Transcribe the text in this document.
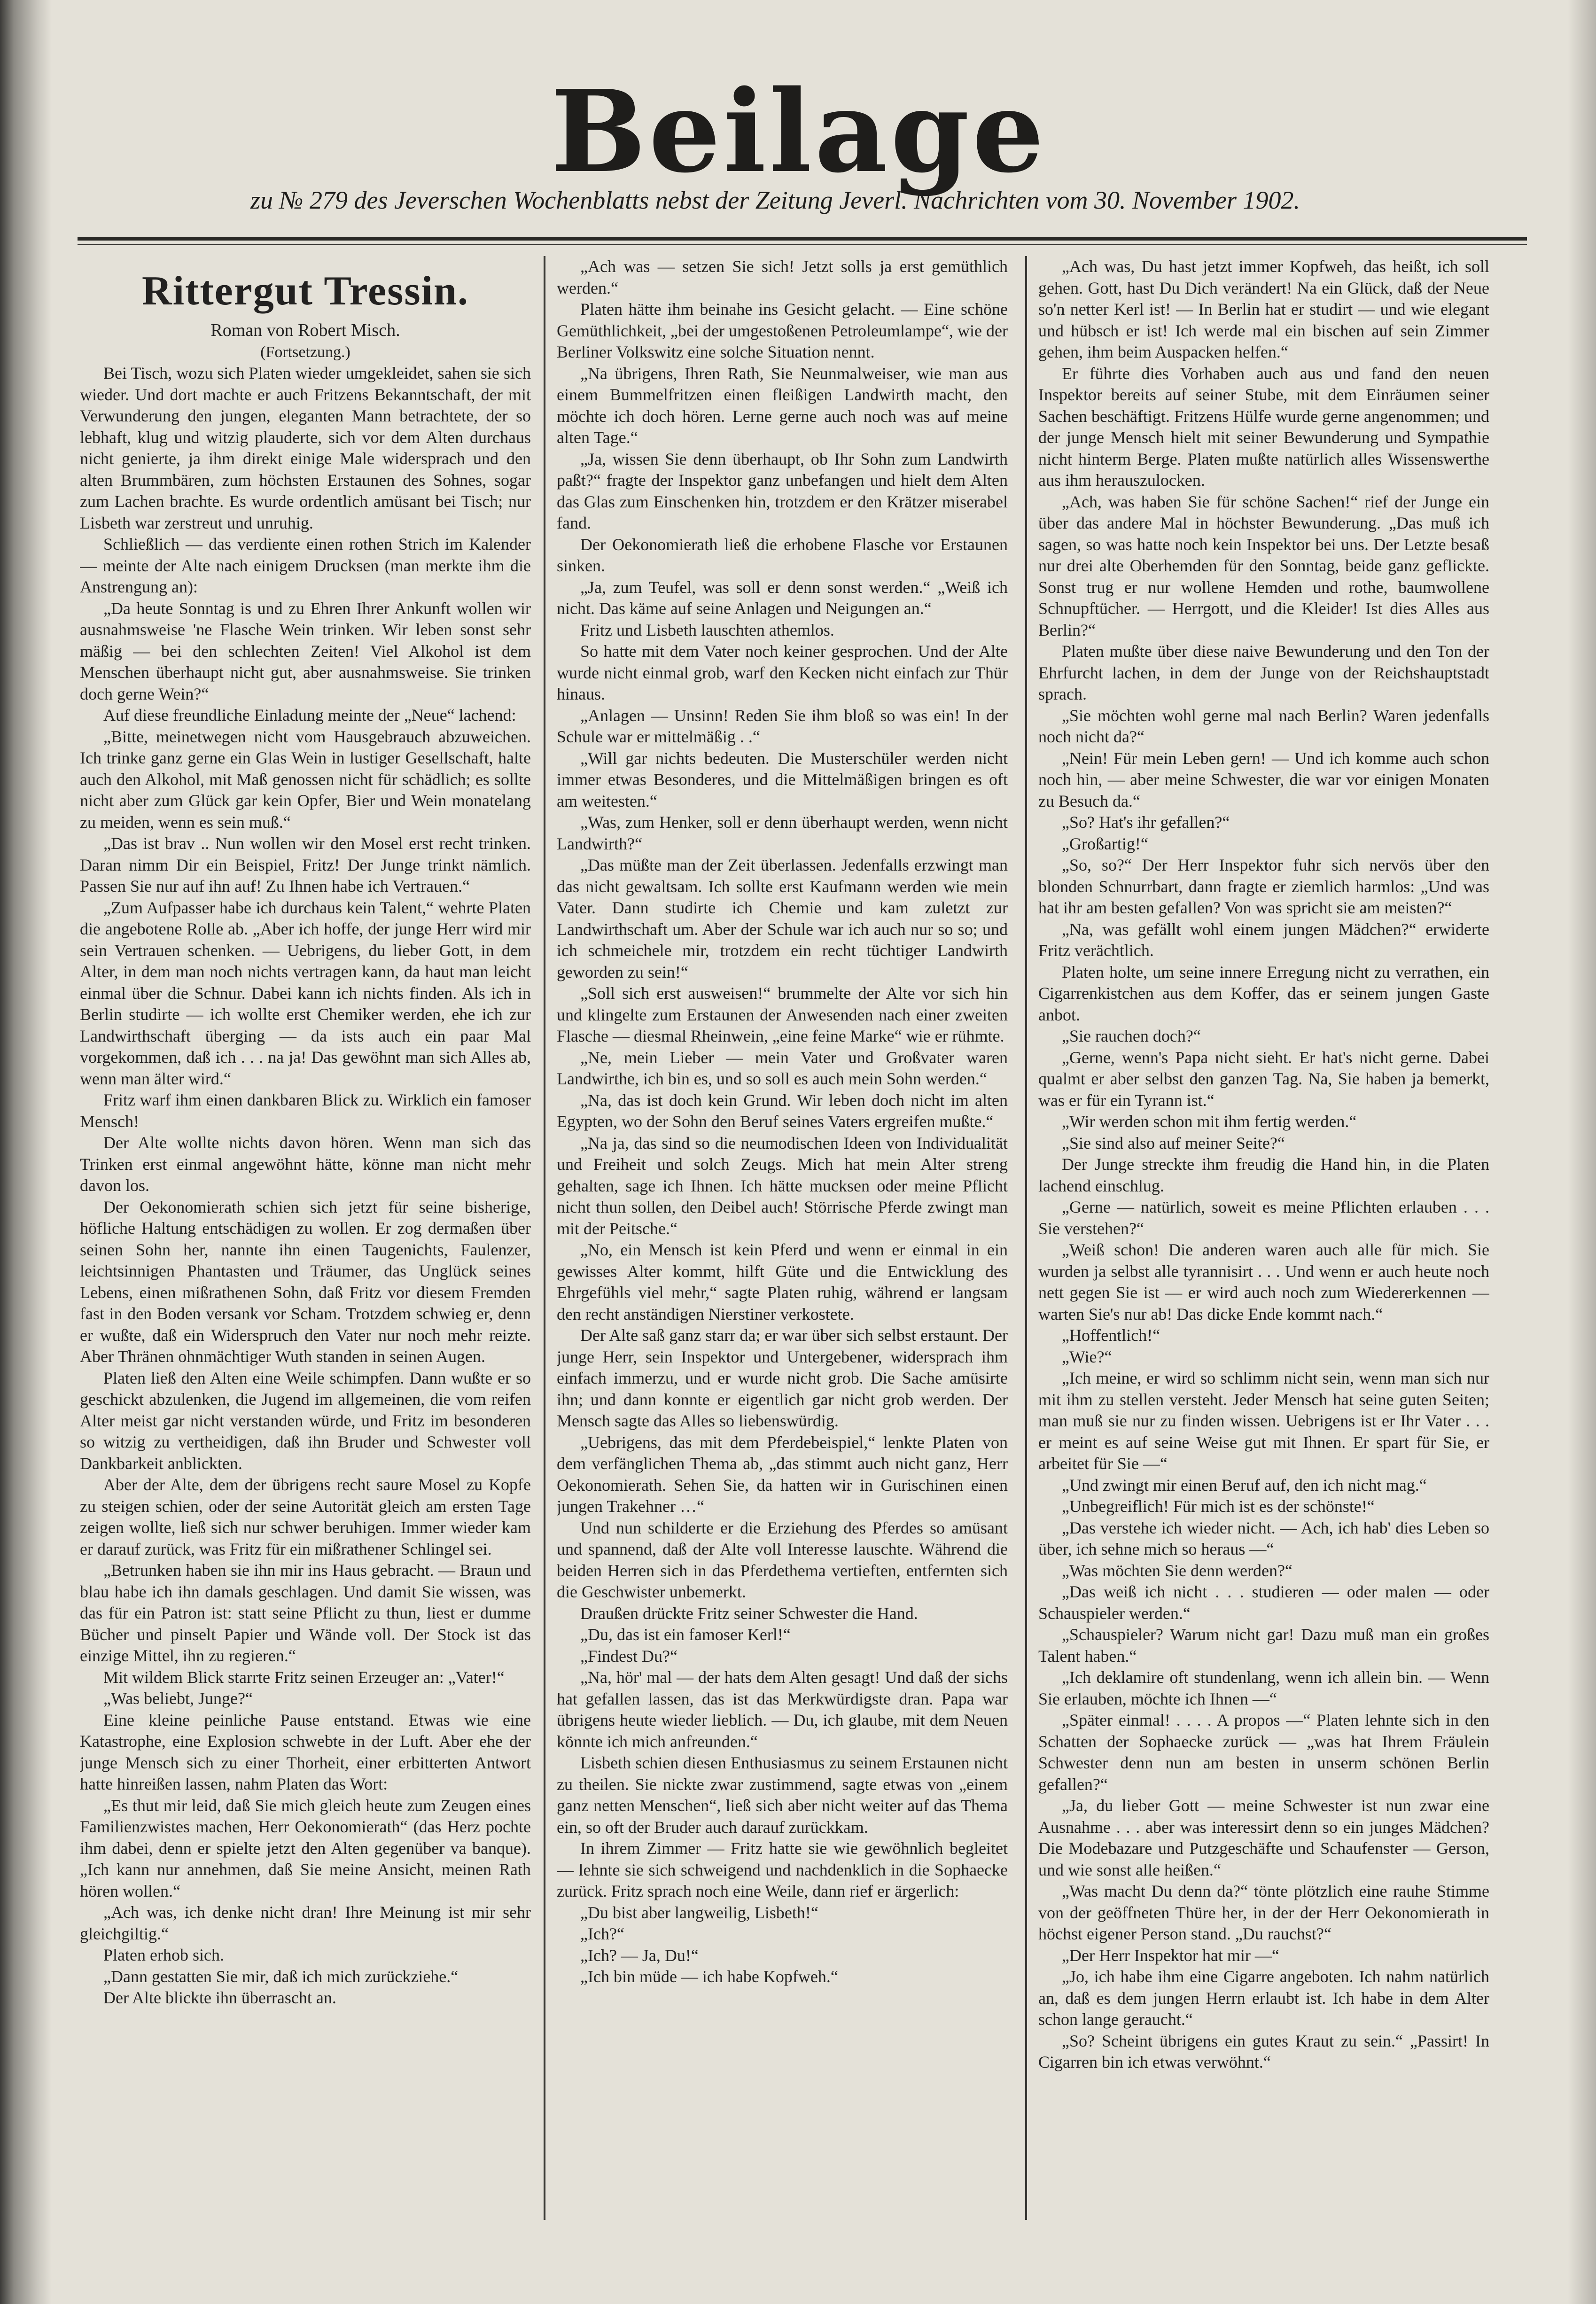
Beilage
zu № 279 des Jeverschen Wochenblatts nebst der Zeitung Jeverl. Nachrichten vom 30. November 1902.
Rittergut Tressin.

Roman von Robert Misch.

(Fortsetzung.)

Bei Tisch, wozu sich Platen wieder umgekleidet, sahen sie sich wieder. Und dort machte er auch Fritzens Bekanntschaft, der mit Verwunderung den jungen, eleganten Mann betrachtete, der so lebhaft, klug und witzig plauderte, sich vor dem Alten durchaus nicht genierte, ja ihm direkt einige Male widersprach und den alten Brummbären, zum höchsten Erstaunen des Sohnes, sogar zum Lachen brachte. Es wurde ordentlich amüsant bei Tisch; nur Lisbeth war zerstreut und unruhig.

Schließlich — das verdiente einen rothen Strich im Kalender — meinte der Alte nach einigem Drucksen (man merkte ihm die Anstrengung an):

„Da heute Sonntag is und zu Ehren Ihrer Ankunft wollen wir ausnahmsweise 'ne Flasche Wein trinken. Wir leben sonst sehr mäßig — bei den schlechten Zeiten! Viel Alkohol ist dem Menschen überhaupt nicht gut, aber ausnahmsweise. Sie trinken doch gerne Wein?“

Auf diese freundliche Einladung meinte der „Neue“ lachend:

„Bitte, meinetwegen nicht vom Hausgebrauch abzuweichen. Ich trinke ganz gerne ein Glas Wein in lustiger Gesellschaft, halte auch den Alkohol, mit Maß genossen nicht für schädlich; es sollte nicht aber zum Glück gar kein Opfer, Bier und Wein monatelang zu meiden, wenn es sein muß.“

„Das ist brav .. Nun wollen wir den Mosel erst recht trinken. Daran nimm Dir ein Beispiel, Fritz! Der Junge trinkt nämlich. Passen Sie nur auf ihn auf! Zu Ihnen habe ich Vertrauen.“

„Zum Aufpasser habe ich durchaus kein Talent,“ wehrte Platen die angebotene Rolle ab. „Aber ich hoffe, der junge Herr wird mir sein Vertrauen schenken. — Uebrigens, du lieber Gott, in dem Alter, in dem man noch nichts vertragen kann, da haut man leicht einmal über die Schnur. Dabei kann ich nichts finden. Als ich in Berlin studirte — ich wollte erst Chemiker werden, ehe ich zur Landwirthschaft überging — da ists auch ein paar Mal vorgekommen, daß ich . . . na ja! Das gewöhnt man sich Alles ab, wenn man älter wird.“

Fritz warf ihm einen dankbaren Blick zu. Wirklich ein famoser Mensch!

Der Alte wollte nichts davon hören. Wenn man sich das Trinken erst einmal angewöhnt hätte, könne man nicht mehr davon los.

Der Oekonomierath schien sich jetzt für seine bisherige, höfliche Haltung entschädigen zu wollen. Er zog dermaßen über seinen Sohn her, nannte ihn einen Taugenichts, Faulenzer, leichtsinnigen Phantasten und Träumer, das Unglück seines Lebens, einen mißrathenen Sohn, daß Fritz vor diesem Fremden fast in den Boden versank vor Scham. Trotzdem schwieg er, denn er wußte, daß ein Widerspruch den Vater nur noch mehr reizte. Aber Thränen ohnmächtiger Wuth standen in seinen Augen.

Platen ließ den Alten eine Weile schimpfen. Dann wußte er so geschickt abzulenken, die Jugend im allgemeinen, die vom reifen Alter meist gar nicht verstanden würde, und Fritz im besonderen so witzig zu vertheidigen, daß ihn Bruder und Schwester voll Dankbarkeit anblickten.

Aber der Alte, dem der übrigens recht saure Mosel zu Kopfe zu steigen schien, oder der seine Autorität gleich am ersten Tage zeigen wollte, ließ sich nur schwer beruhigen. Immer wieder kam er darauf zurück, was Fritz für ein mißrathener Schlingel sei.

„Betrunken haben sie ihn mir ins Haus gebracht. — Braun und blau habe ich ihn damals geschlagen. Und damit Sie wissen, was das für ein Patron ist: statt seine Pflicht zu thun, liest er dumme Bücher und pinselt Papier und Wände voll. Der Stock ist das einzige Mittel, ihn zu regieren.“

Mit wildem Blick starrte Fritz seinen Erzeuger an: „Vater!“

„Was beliebt, Junge?“

Eine kleine peinliche Pause entstand. Etwas wie eine Katastrophe, eine Explosion schwebte in der Luft. Aber ehe der junge Mensch sich zu einer Thorheit, einer erbitterten Antwort hatte hinreißen lassen, nahm Platen das Wort:

„Es thut mir leid, daß Sie mich gleich heute zum Zeugen eines Familienzwistes machen, Herr Oekonomierath“ (das Herz pochte ihm dabei, denn er spielte jetzt den Alten gegenüber va banque). „Ich kann nur annehmen, daß Sie meine Ansicht, meinen Rath hören wollen.“

„Ach was, ich denke nicht dran! Ihre Meinung ist mir sehr gleichgiltig.“

Platen erhob sich.

„Dann gestatten Sie mir, daß ich mich zurückziehe.“

Der Alte blickte ihn überrascht an.

„Ach was — setzen Sie sich! Jetzt solls ja erst gemüthlich werden.“

Platen hätte ihm beinahe ins Gesicht gelacht. — Eine schöne Gemüthlichkeit, „bei der umgestoßenen Petroleumlampe“, wie der Berliner Volkswitz eine solche Situation nennt.

„Na übrigens, Ihren Rath, Sie Neunmalweiser, wie man aus einem Bummelfritzen einen fleißigen Landwirth macht, den möchte ich doch hören. Lerne gerne auch noch was auf meine alten Tage.“

„Ja, wissen Sie denn überhaupt, ob Ihr Sohn zum Landwirth paßt?“ fragte der Inspektor ganz unbefangen und hielt dem Alten das Glas zum Einschenken hin, trotzdem er den Krätzer miserabel fand.

Der Oekonomierath ließ die erhobene Flasche vor Erstaunen sinken.

„Ja, zum Teufel, was soll er denn sonst werden.“ „Weiß ich nicht. Das käme auf seine Anlagen und Neigungen an.“

Fritz und Lisbeth lauschten athemlos.

So hatte mit dem Vater noch keiner gesprochen. Und der Alte wurde nicht einmal grob, warf den Kecken nicht einfach zur Thür hinaus.

„Anlagen — Unsinn! Reden Sie ihm bloß so was ein! In der Schule war er mittelmäßig . .“

„Will gar nichts bedeuten. Die Musterschüler werden nicht immer etwas Besonderes, und die Mittelmäßigen bringen es oft am weitesten.“

„Was, zum Henker, soll er denn überhaupt werden, wenn nicht Landwirth?“

„Das müßte man der Zeit überlassen. Jedenfalls erzwingt man das nicht gewaltsam. Ich sollte erst Kaufmann werden wie mein Vater. Dann studirte ich Chemie und kam zuletzt zur Landwirthschaft um. Aber der Schule war ich auch nur so so; und ich schmeichele mir, trotzdem ein recht tüchtiger Landwirth geworden zu sein!“

„Soll sich erst ausweisen!“ brummelte der Alte vor sich hin und klingelte zum Erstaunen der Anwesenden nach einer zweiten Flasche — diesmal Rheinwein, „eine feine Marke“ wie er rühmte.

„Ne, mein Lieber — mein Vater und Großvater waren Landwirthe, ich bin es, und so soll es auch mein Sohn werden.“

„Na, das ist doch kein Grund. Wir leben doch nicht im alten Egypten, wo der Sohn den Beruf seines Vaters ergreifen mußte.“

„Na ja, das sind so die neumodischen Ideen von Individualität und Freiheit und solch Zeugs. Mich hat mein Alter streng gehalten, sage ich Ihnen. Ich hätte mucksen oder meine Pflicht nicht thun sollen, den Deibel auch! Störrische Pferde zwingt man mit der Peitsche.“

„No, ein Mensch ist kein Pferd und wenn er einmal in ein gewisses Alter kommt, hilft Güte und die Entwicklung des Ehrgefühls viel mehr,“ sagte Platen ruhig, während er langsam den recht anständigen Nierstiner verkostete.

Der Alte saß ganz starr da; er war über sich selbst erstaunt. Der junge Herr, sein Inspektor und Untergebener, widersprach ihm einfach immerzu, und er wurde nicht grob. Die Sache amüsirte ihn; und dann konnte er eigentlich gar nicht grob werden. Der Mensch sagte das Alles so liebenswürdig.

„Uebrigens, das mit dem Pferdebeispiel,“ lenkte Platen von dem verfänglichen Thema ab, „das stimmt auch nicht ganz, Herr Oekonomierath. Sehen Sie, da hatten wir in Gurischinen einen jungen Trakehner …“

Und nun schilderte er die Erziehung des Pferdes so amüsant und spannend, daß der Alte voll Interesse lauschte. Während die beiden Herren sich in das Pferdethema vertieften, entfernten sich die Geschwister unbemerkt.

Draußen drückte Fritz seiner Schwester die Hand.

„Du, das ist ein famoser Kerl!“

„Findest Du?“

„Na, hör' mal — der hats dem Alten gesagt! Und daß der sichs hat gefallen lassen, das ist das Merkwürdigste dran. Papa war übrigens heute wieder lieblich. — Du, ich glaube, mit dem Neuen könnte ich mich anfreunden.“

Lisbeth schien diesen Enthusiasmus zu seinem Erstaunen nicht zu theilen. Sie nickte zwar zustimmend, sagte etwas von „einem ganz netten Menschen“, ließ sich aber nicht weiter auf das Thema ein, so oft der Bruder auch darauf zurückkam.

In ihrem Zimmer — Fritz hatte sie wie gewöhnlich begleitet — lehnte sie sich schweigend und nachdenklich in die Sophaecke zurück. Fritz sprach noch eine Weile, dann rief er ärgerlich:

„Du bist aber langweilig, Lisbeth!“

„Ich?“

„Ich? — Ja, Du!“

„Ich bin müde — ich habe Kopfweh.“

„Ach was, Du hast jetzt immer Kopfweh, das heißt, ich soll gehen. Gott, hast Du Dich verändert! Na ein Glück, daß der Neue so'n netter Kerl ist! — In Berlin hat er studirt — und wie elegant und hübsch er ist! Ich werde mal ein bischen auf sein Zimmer gehen, ihm beim Auspacken helfen.“

Er führte dies Vorhaben auch aus und fand den neuen Inspektor bereits auf seiner Stube, mit dem Einräumen seiner Sachen beschäftigt. Fritzens Hülfe wurde gerne angenommen; und der junge Mensch hielt mit seiner Bewunderung und Sympathie nicht hinterm Berge. Platen mußte natürlich alles Wissenswerthe aus ihm herauszulocken.

„Ach, was haben Sie für schöne Sachen!“ rief der Junge ein über das andere Mal in höchster Bewunderung. „Das muß ich sagen, so was hatte noch kein Inspektor bei uns. Der Letzte besaß nur drei alte Oberhemden für den Sonntag, beide ganz geflickte. Sonst trug er nur wollene Hemden und rothe, baumwollene Schnupftücher. — Herrgott, und die Kleider! Ist dies Alles aus Berlin?“

Platen mußte über diese naive Bewunderung und den Ton der Ehrfurcht lachen, in dem der Junge von der Reichshauptstadt sprach.

„Sie möchten wohl gerne mal nach Berlin? Waren jedenfalls noch nicht da?“

„Nein! Für mein Leben gern! — Und ich komme auch schon noch hin, — aber meine Schwester, die war vor einigen Monaten zu Besuch da.“

„So? Hat's ihr gefallen?“

„Großartig!“

„So, so?“ Der Herr Inspektor fuhr sich nervös über den blonden Schnurrbart, dann fragte er ziemlich harmlos: „Und was hat ihr am besten gefallen? Von was spricht sie am meisten?“

„Na, was gefällt wohl einem jungen Mädchen?“ erwiderte Fritz verächtlich.

Platen holte, um seine innere Erregung nicht zu verrathen, ein Cigarrenkistchen aus dem Koffer, das er seinem jungen Gaste anbot.

„Sie rauchen doch?“

„Gerne, wenn's Papa nicht sieht. Er hat's nicht gerne. Dabei qualmt er aber selbst den ganzen Tag. Na, Sie haben ja bemerkt, was er für ein Tyrann ist.“

„Wir werden schon mit ihm fertig werden.“

„Sie sind also auf meiner Seite?“

Der Junge streckte ihm freudig die Hand hin, in die Platen lachend einschlug.

„Gerne — natürlich, soweit es meine Pflichten erlauben . . . Sie verstehen?“

„Weiß schon! Die anderen waren auch alle für mich. Sie wurden ja selbst alle tyrannisirt . . . Und wenn er auch heute noch nett gegen Sie ist — er wird auch noch zum Wiedererkennen — warten Sie's nur ab! Das dicke Ende kommt nach.“

„Hoffentlich!“

„Wie?“

„Ich meine, er wird so schlimm nicht sein, wenn man sich nur mit ihm zu stellen versteht. Jeder Mensch hat seine guten Seiten; man muß sie nur zu finden wissen. Uebrigens ist er Ihr Vater . . . er meint es auf seine Weise gut mit Ihnen. Er spart für Sie, er arbeitet für Sie —“

„Und zwingt mir einen Beruf auf, den ich nicht mag.“

„Unbegreiflich! Für mich ist es der schönste!“

„Das verstehe ich wieder nicht. — Ach, ich hab' dies Leben so über, ich sehne mich so heraus —“

„Was möchten Sie denn werden?“

„Das weiß ich nicht . . . studieren — oder malen — oder Schauspieler werden.“

„Schauspieler? Warum nicht gar! Dazu muß man ein großes Talent haben.“

„Ich deklamire oft stundenlang, wenn ich allein bin. — Wenn Sie erlauben, möchte ich Ihnen —“

„Später einmal! . . . . A propos —“ Platen lehnte sich in den Schatten der Sophaecke zurück — „was hat Ihrem Fräulein Schwester denn nun am besten in unserm schönen Berlin gefallen?“

„Ja, du lieber Gott — meine Schwester ist nun zwar eine Ausnahme . . . aber was interessirt denn so ein junges Mädchen? Die Modebazare und Putzgeschäfte und Schaufenster — Gerson, und wie sonst alle heißen.“

„Was macht Du denn da?“ tönte plötzlich eine rauhe Stimme von der geöffneten Thüre her, in der der Herr Oekonomierath in höchst eigener Person stand. „Du rauchst?“

„Der Herr Inspektor hat mir —“

„Jo, ich habe ihm eine Cigarre angeboten. Ich nahm natürlich an, daß es dem jungen Herrn erlaubt ist. Ich habe in dem Alter schon lange geraucht.“

„So? Scheint übrigens ein gutes Kraut zu sein.“ „Passirt! In Cigarren bin ich etwas verwöhnt.“
